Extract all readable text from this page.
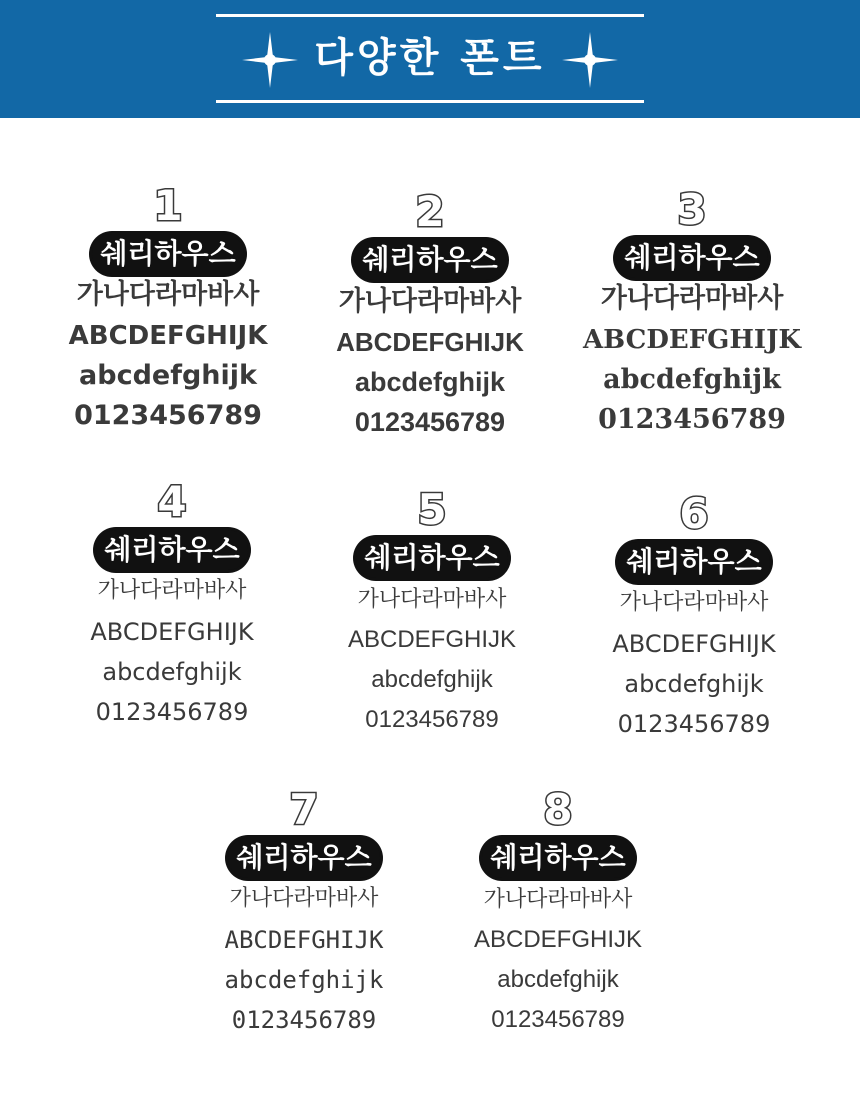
다양한 폰트
1
쉐리하우스
가나다라마바사
ABCDEFGHIJK
abcdefghijk
0123456789
2
쉐리하우스
가나다라마바사
ABCDEFGHIJK
abcdefghijk
0123456789
3
쉐리하우스
가나다라마바사
ABCDEFGHIJK
abcdefghijk
0123456789
4
쉐리하우스
가나다라마바사
ABCDEFGHIJK
abcdefghijk
0123456789
5
쉐리하우스
가나다라마바사
ABCDEFGHIJK
abcdefghijk
0123456789
6
쉐리하우스
가나다라마바사
ABCDEFGHIJK
abcdefghijk
0123456789
7
쉐리하우스
가나다라마바사
ABCDEFGHIJK
abcdefghijk
0123456789
8
쉐리하우스
가나다라마바사
ABCDEFGHIJK
abcdefghijk
0123456789
